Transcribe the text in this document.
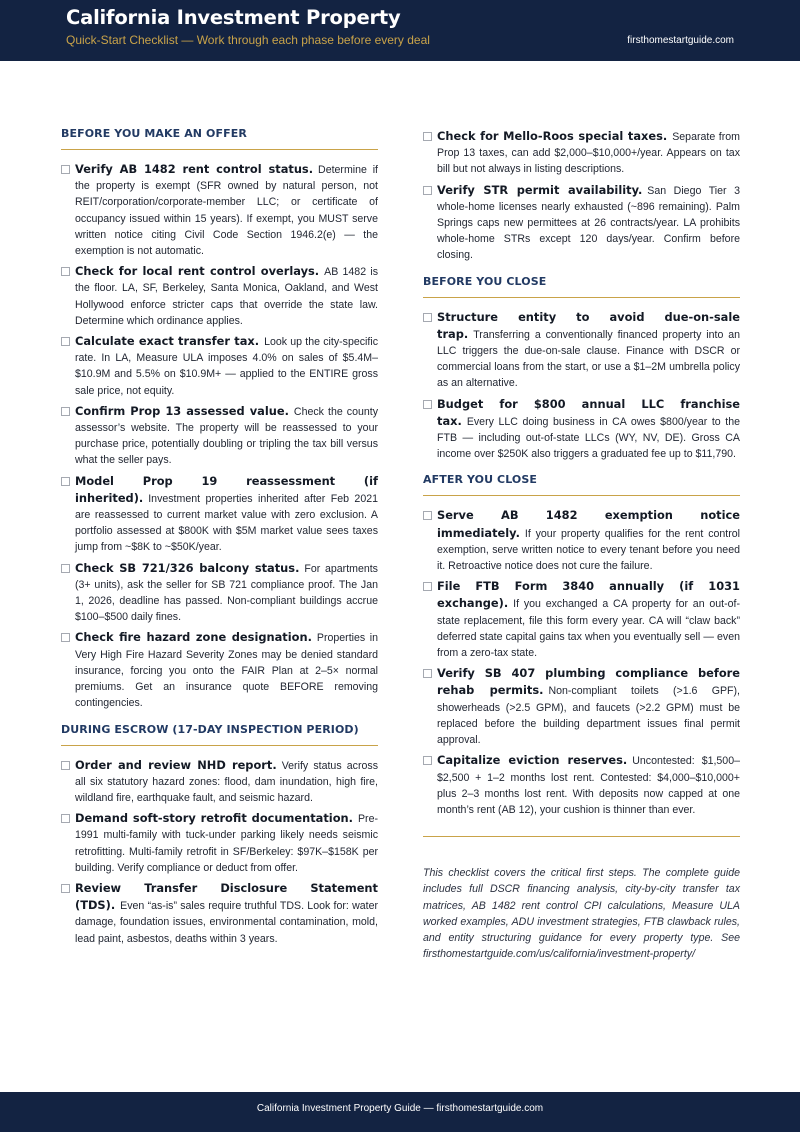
California Investment Property
Quick-Start Checklist — Work through each phase before every deal	firsthomestartguide.com
BEFORE YOU MAKE AN OFFER
Verify AB 1482 rent control status. Determine if the property is exempt (SFR owned by natural person, not REIT/corporation/corporate-member LLC; or certificate of occupancy issued within 15 years). If exempt, you MUST serve written notice citing Civil Code Section 1946.2(e) — the exemption is not automatic.
Check for local rent control overlays. AB 1482 is the floor. LA, SF, Berkeley, Santa Monica, Oakland, and West Hollywood enforce stricter caps that override the state law. Determine which ordinance applies.
Calculate exact transfer tax. Look up the city-specific rate. In LA, Measure ULA imposes 4.0% on sales of $5.4M–$10.9M and 5.5% on $10.9M+ — applied to the ENTIRE gross sale price, not equity.
Confirm Prop 13 assessed value. Check the county assessor’s website. The property will be reassessed to your purchase price, potentially doubling or tripling the tax bill versus what the seller pays.
Model Prop 19 reassessment (if inherited). Investment properties inherited after Feb 2021 are reassessed to current market value with zero exclusion. A portfolio assessed at $800K with $5M market value sees taxes jump from ~$8K to ~$50K/year.
Check SB 721/326 balcony status. For apartments (3+ units), ask the seller for SB 721 compliance proof. The Jan 1, 2026, deadline has passed. Non-compliant buildings accrue $100–$500 daily fines.
Check fire hazard zone designation. Properties in Very High Fire Hazard Severity Zones may be denied standard insurance, forcing you onto the FAIR Plan at 2–5× normal premiums. Get an insurance quote BEFORE removing contingencies.
DURING ESCROW (17-DAY INSPECTION PERIOD)
Order and review NHD report. Verify status across all six statutory hazard zones: flood, dam inundation, high fire, wildland fire, earthquake fault, and seismic hazard.
Demand soft-story retrofit documentation. Pre-1991 multi-family with tuck-under parking likely needs seismic retrofitting. Multi-family retrofit in SF/Berkeley: $97K–$158K per building. Verify compliance or deduct from offer.
Review Transfer Disclosure Statement (TDS). Even “as-is” sales require truthful TDS. Look for: water damage, foundation issues, environmental contamination, mold, lead paint, asbestos, deaths within 3 years.
Check for Mello-Roos special taxes. Separate from Prop 13 taxes, can add $2,000–$10,000+/year. Appears on tax bill but not always in listing descriptions.
Verify STR permit availability. San Diego Tier 3 whole-home licenses nearly exhausted (~896 remaining). Palm Springs caps new permittees at 26 contracts/year. LA prohibits whole-home STRs except 120 days/year. Confirm before closing.
BEFORE YOU CLOSE
Structure entity to avoid due-on-sale trap. Transferring a conventionally financed property into an LLC triggers the due-on-sale clause. Finance with DSCR or commercial loans from the start, or use a $1–2M umbrella policy as an alternative.
Budget for $800 annual LLC franchise tax. Every LLC doing business in CA owes $800/year to the FTB — including out-of-state LLCs (WY, NV, DE). Gross CA income over $250K also triggers a graduated fee up to $11,790.
AFTER YOU CLOSE
Serve AB 1482 exemption notice immediately. If your property qualifies for the rent control exemption, serve written notice to every tenant before you need it. Retroactive notice does not cure the failure.
File FTB Form 3840 annually (if 1031 exchange). If you exchanged a CA property for an out-of-state replacement, file this form every year. CA will “claw back” deferred state capital gains tax when you eventually sell — even from a zero-tax state.
Verify SB 407 plumbing compliance before rehab permits. Non-compliant toilets (>1.6 GPF), showerheads (>2.5 GPM), and faucets (>2.2 GPM) must be replaced before the building department issues final permit approval.
Capitalize eviction reserves. Uncontested: $1,500–$2,500 + 1–2 months lost rent. Contested: $4,000–$10,000+ plus 2–3 months lost rent. With deposits now capped at one month’s rent (AB 12), your cushion is thinner than ever.
This checklist covers the critical first steps. The complete guide includes full DSCR financing analysis, city-by-city transfer tax matrices, AB 1482 rent control CPI calculations, Measure ULA worked examples, ADU investment strategies, FTB clawback rules, and entity structuring guidance for every property type. See firsthomestartguide.com/us/california/investment-property/
California Investment Property Guide — firsthomestartguide.com
